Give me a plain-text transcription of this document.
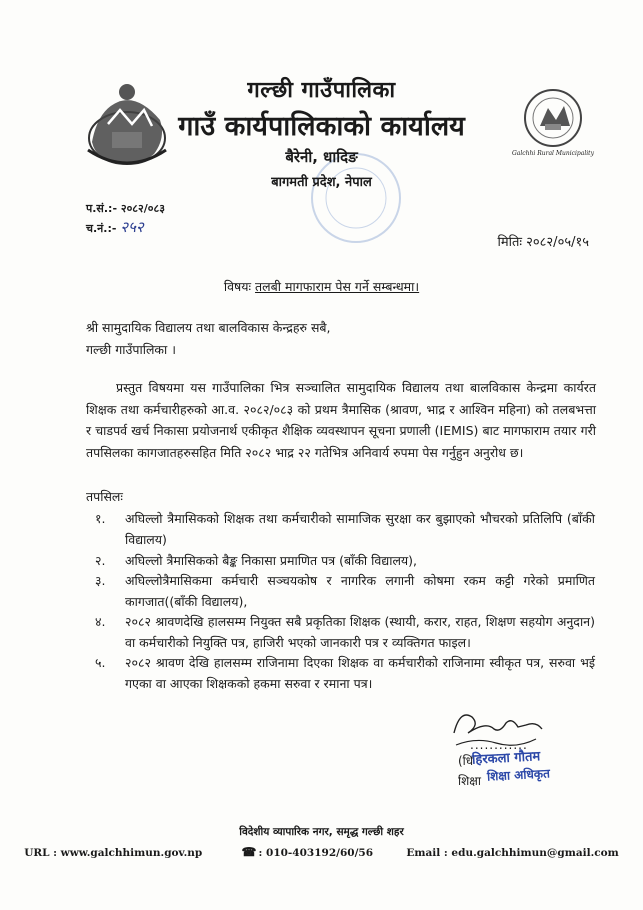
Galchhi Rural Municipality
गल्छी गाउँपालिका
गाउँ कार्यपालिकाको कार्यालय
बैरेनी, धादिङ
बागमती प्रदेश, नेपाल
प.सं.:- २०८२/०८३
च.नं.:- २५२
मितिः २०८२/०५/१५
विषयः तलबी मागफाराम पेस गर्ने सम्बन्धमा।
श्री सामुदायिक विद्यालय तथा बालविकास केन्द्रहरु सबै,
गल्छी गाउँपालिका ।
प्रस्तुत विषयमा यस गाउँपालिका भित्र सञ्चालित सामुदायिक विद्यालय तथा बालविकास केन्द्रमा कार्यरत शिक्षक तथा कर्मचारीहरुको आ.व. २०८२/०८३ को प्रथम त्रैमासिक (श्रावण, भाद्र र आश्विन महिना) को तलबभत्ता र चाडपर्व खर्च निकासा प्रयोजनार्थ एकीकृत शैक्षिक व्यवस्थापन सूचना प्रणाली (IEMIS) बाट मागफाराम तयार गरी तपसिलका कागजातहरुसहित मिति २०८२ भाद्र २२ गतेभित्र अनिवार्य रुपमा पेस गर्नुहुन अनुरोध छ।
तपसिलः
१.	अघिल्लो त्रैमासिकको शिक्षक तथा कर्मचारीको सामाजिक सुरक्षा कर बुझाएको भौचरको प्रतिलिपि (बाँकी विद्यालय)
२.	अघिल्लो त्रैमासिकको बैङ्क निकासा प्रमाणित पत्र (बाँकी विद्यालय),
३.	अघिल्लोत्रैमासिकमा कर्मचारी सञ्चयकोष र नागरिक लगानी कोषमा रकम कट्टी गरेको प्रमाणित कागजात((बाँकी विद्यालय),
४.	२०८२ श्रावणदेखि हालसम्म नियुक्त सबै प्रकृतिका शिक्षक (स्थायी, करार, राहत, शिक्षण सहयोग अनुदान) वा कर्मचारीको नियुक्ति पत्र, हाजिरी भएको जानकारी पत्र र व्यक्तिगत फाइल।
५.	२०८२ श्रावण देखि हालसम्म राजिनामा दिएका शिक्षक वा कर्मचारीको राजिनामा स्वीकृत पत्र, सरुवा भई गएका वा आएका शिक्षकको हकमा सरुवा र रमाना पत्र।
............
(धि
शिक्षा
हिरकला गौतम
शिक्षा अधिकृत
विदेशीय व्यापारिक नगर, समृद्ध गल्छी शहर
URL : www.galchhimun.gov.np	☎ : 010-403192/60/56	Email : edu.galchhimun@gmail.com
